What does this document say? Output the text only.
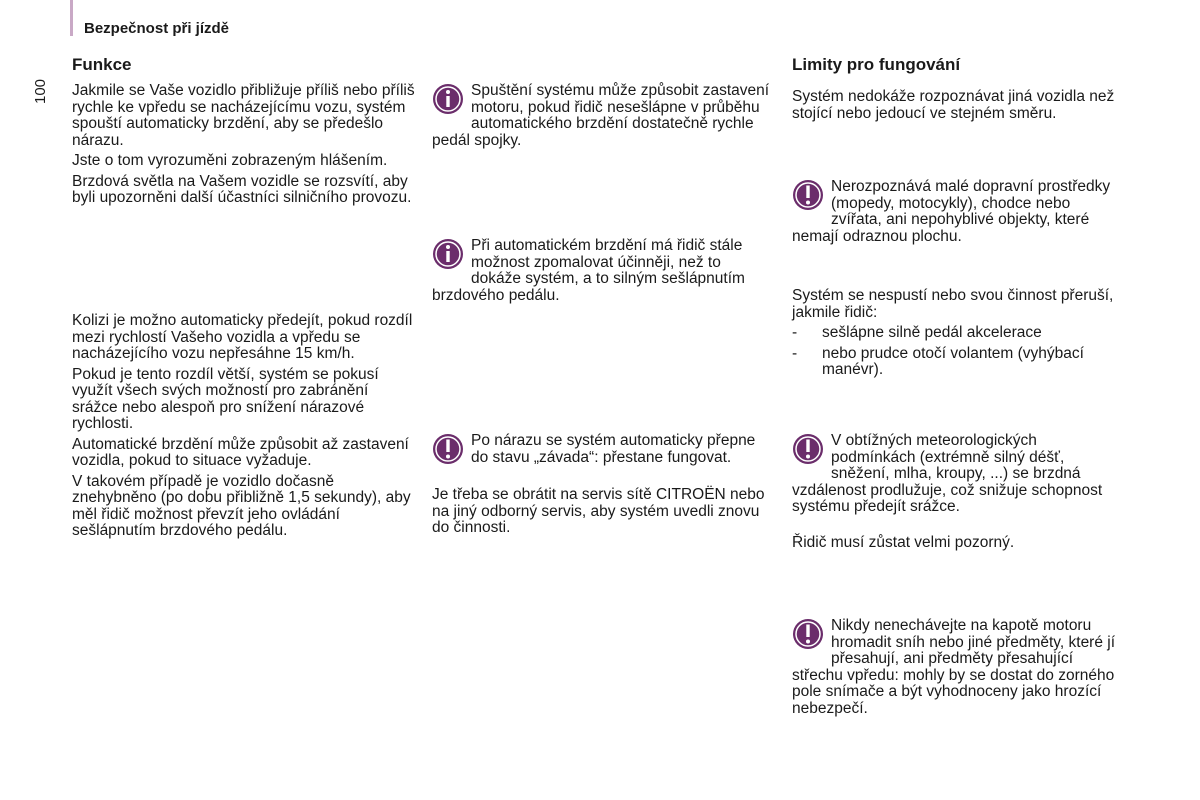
Bezpečnost při jízdě
100
Funkce

Jakmile se Vaše vozidlo přibližuje příliš nebo příliš rychle ke vpředu se nacházejícímu vozu, systém spouští automaticky brzdění, aby se předešlo nárazu.

Jste o tom vyrozuměni zobrazeným hlášením.

Brzdová světla na Vašem vozidle se rozsvítí, aby byli upozorněni další účastníci silničního provozu.

Kolizi je možno automaticky předejít, pokud rozdíl mezi rychlostí Vašeho vozidla a vpředu se nacházejícího vozu nepřesáhne 15 km/h.

Pokud je tento rozdíl větší, systém se pokusí využít všech svých možností pro zabránění srážce nebo alespoň pro snížení nárazové rychlosti.

Automatické brzdění může způsobit až zastavení vozidla, pokud to situace vyžaduje.

V takovém případě je vozidlo dočasně znehybněno (po dobu přibližně 1,5 sekundy), aby měl řidič možnost převzít jeho ovládání sešlápnutím brzdového pedálu.

Spuštění systému může způsobit zastavení motoru, pokud řidič nesešlápne v průběhu automatického brzdění dostatečně rychle pedál spojky.

Při automatickém brzdění má řidič stále možnost zpomalovat účinněji, než to dokáže systém, a to silným sešlápnutím brzdového pedálu.

Po nárazu se systém automaticky přepne do stavu „závada“: přestane fungovat.

Je třeba se obrátit na servis sítě CITROËN nebo na jiný odborný servis, aby systém uvedli znovu do činnosti.

Limity pro fungování

Systém nedokáže rozpoznávat jiná vozidla než stojící nebo jedoucí ve stejném směru.

Nerozpoznává malé dopravní prostředky (mopedy, motocykly), chodce nebo zvířata, ani nepohyblivé objekty, které nemají odraznou plochu.

Systém se nespustí nebo svou činnost přeruší, jakmile řidič:

- sešlápne silně pedál akcelerace
- nebo prudce otočí volantem (vyhýbací manévr).

V obtížných meteorologických podmínkách (extrémně silný déšť, sněžení, mlha, kroupy, ...) se brzdná vzdálenost prodlužuje, což snižuje schopnost systému předejít srážce.

Řidič musí zůstat velmi pozorný.

Nikdy nenechávejte na kapotě motoru hromadit sníh nebo jiné předměty, které jí přesahují, ani předměty přesahující střechu vpředu: mohly by se dostat do zorného pole snímače a být vyhodnoceny jako hrozící nebezpečí.
